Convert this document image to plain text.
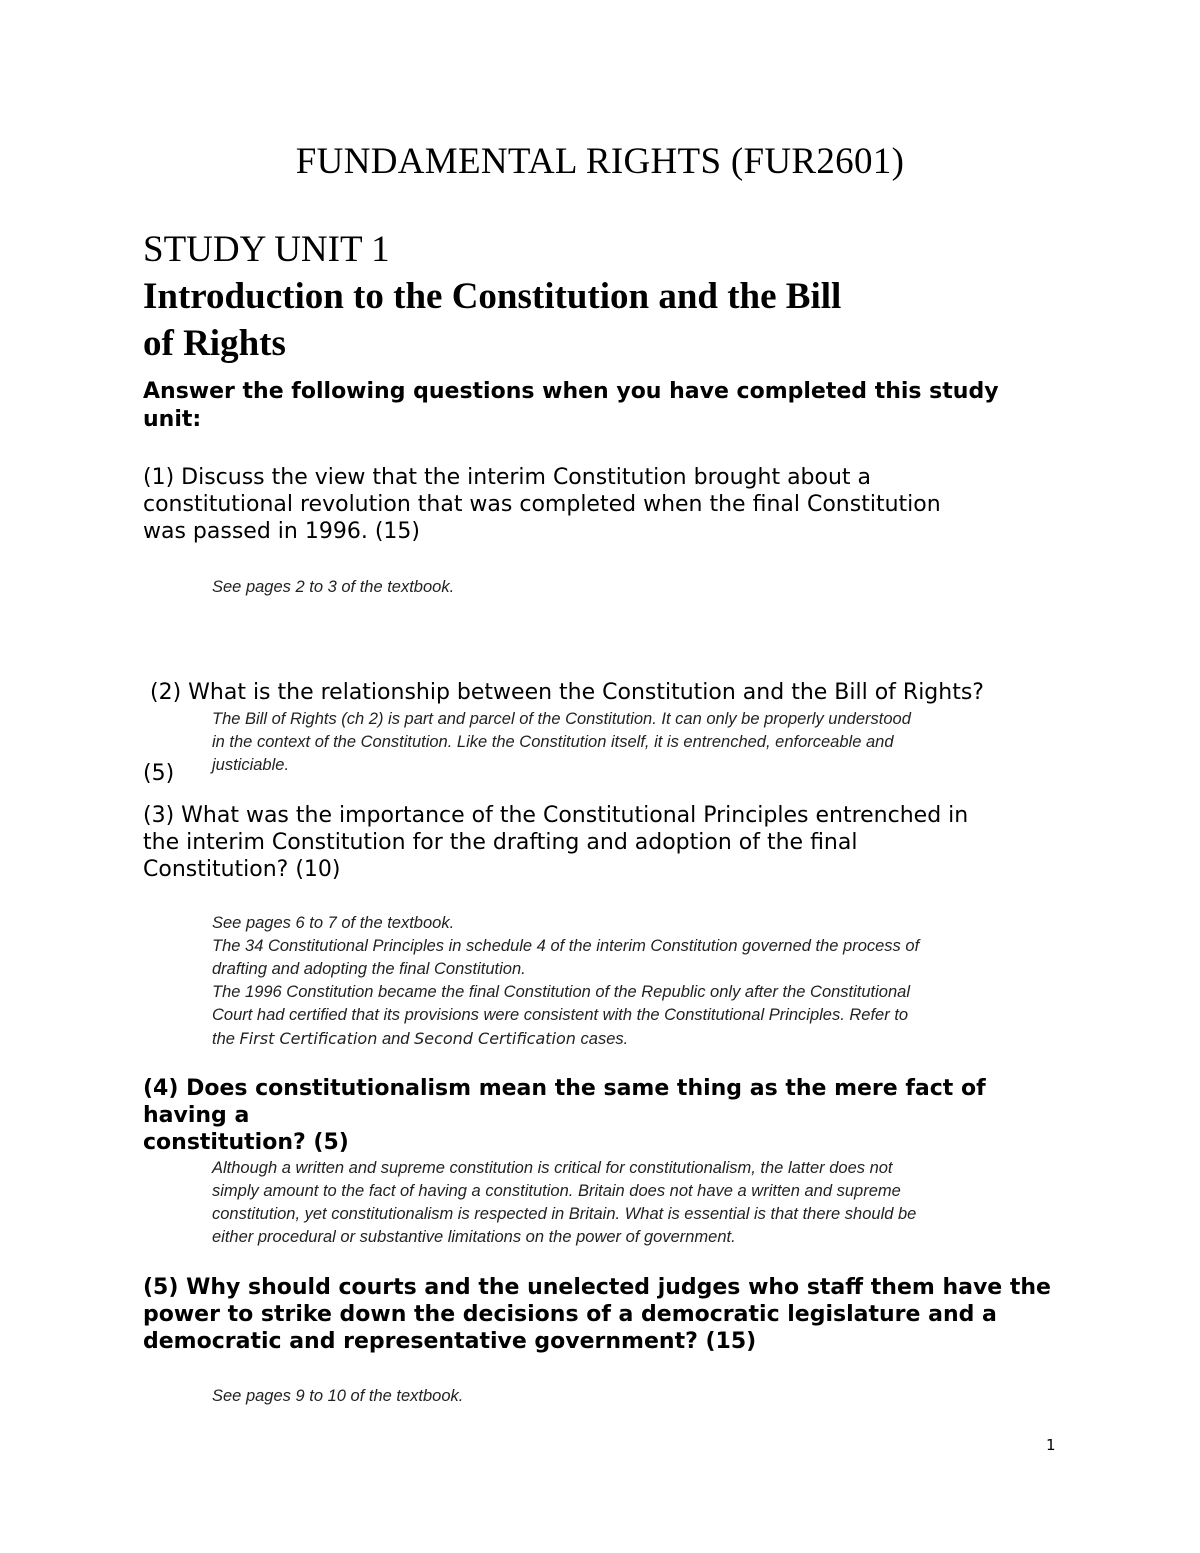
FUNDAMENTAL RIGHTS (FUR2601)

STUDY UNIT 1

Introduction to the Constitution and the Bill

of Rights

Answer the following questions when you have completed this study
unit:
(1) Discuss the view that the interim Constitution brought about a
constitutional revolution that was completed when the final Constitution
was passed in 1996. (15)
See pages 2 to 3 of the textbook.

(2) What is the relationship between the Constitution and the Bill of Rights?

(5)

The Bill of Rights (ch 2) is part and parcel of the Constitution. It can only be properly understood
in the context of the Constitution. Like the Constitution itself, it is entrenched, enforceable and
justiciable.
(3) What was the importance of the Constitutional Principles entrenched in
the interim Constitution for the drafting and adoption of the final
Constitution? (10)
See pages 6 to 7 of the textbook.
The 34 Constitutional Principles in schedule 4 of the interim Constitution governed the process of
drafting and adopting the final Constitution.
The 1996 Constitution became the final Constitution of the Republic only after the Constitutional
Court had certified that its provisions were consistent with the Constitutional Principles. Refer to
the First Certification and Second Certification cases.
(4) Does constitutionalism mean the same thing as the mere fact of having a
constitution? (5)
Although a written and supreme constitution is critical for constitutionalism, the latter does not
simply amount to the fact of having a constitution. Britain does not have a written and supreme
constitution, yet constitutionalism is respected in Britain. What is essential is that there should be
either procedural or substantive limitations on the power of government.
(5) Why should courts and the unelected judges who staff them have the
power to strike down the decisions of a democratic legislature and a
democratic and representative government? (15)
See pages 9 to 10 of the textbook.
1
